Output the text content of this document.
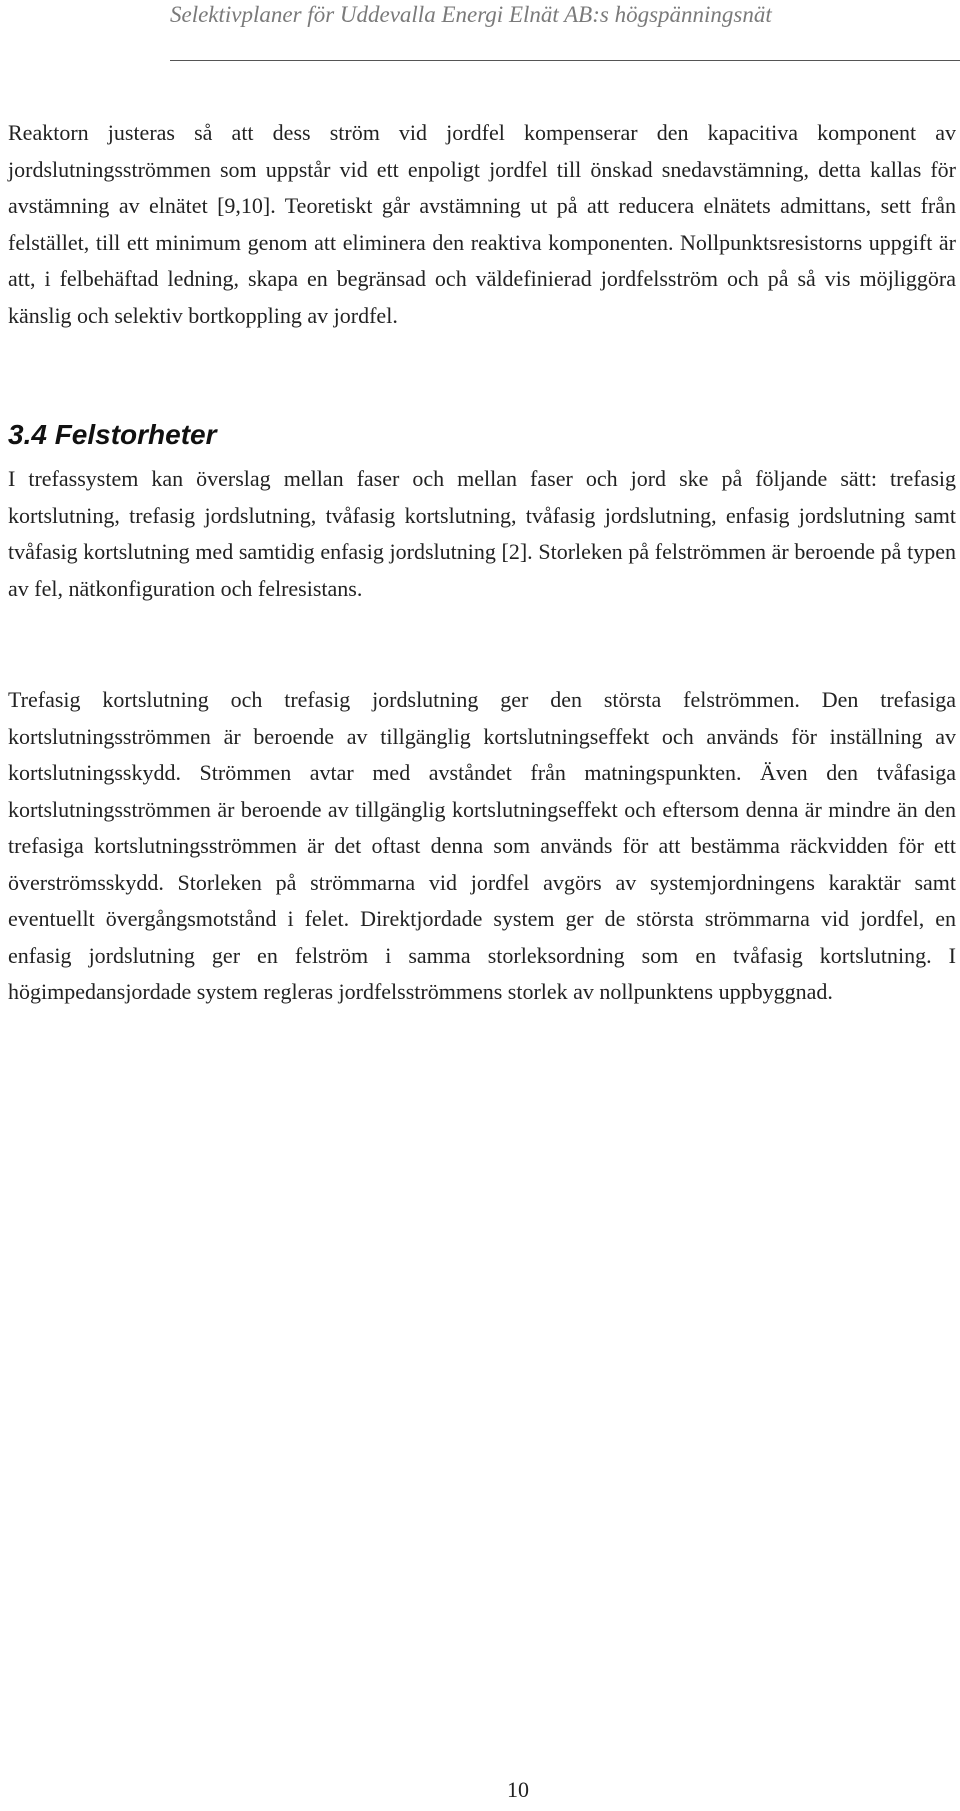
Selektivplaner för Uddevalla Energi Elnät AB:s högspänningsnät

Reaktorn justeras så att dess ström vid jordfel kompenserar den kapacitiva komponent av jordslutningsströmmen som uppstår vid ett enpoligt jordfel till önskad snedavstämning, detta kallas för avstämning av elnätet [9,10]. Teoretiskt går avstämning ut på att reducera elnätets admittans, sett från felstället, till ett minimum genom att eliminera den reaktiva komponenten. Nollpunktsresistorns uppgift är att, i felbehäftad ledning, skapa en begränsad och väldefinierad jordfelsström och på så vis möjliggöra känslig och selektiv bortkoppling av jordfel.

3.4 Felstorheter

I trefassystem kan överslag mellan faser och mellan faser och jord ske på följande sätt: trefasig kortslutning, trefasig jordslutning, tvåfasig kortslutning, tvåfasig jordslutning, enfasig jordslutning samt tvåfasig kortslutning med samtidig enfasig jordslutning [2]. Storleken på felströmmen är beroende på typen av fel, nätkonfiguration och felresistans.

Trefasig kortslutning och trefasig jordslutning ger den största felströmmen. Den trefasiga kortslutningsströmmen är beroende av tillgänglig kortslutningseffekt och används för inställning av kortslutningsskydd. Strömmen avtar med avståndet från matningspunkten. Även den tvåfasiga kortslutningsströmmen är beroende av tillgänglig kortslutningseffekt och eftersom denna är mindre än den trefasiga kortslutningsströmmen är det oftast denna som används för att bestämma räckvidden för ett överströmsskydd. Storleken på strömmarna vid jordfel avgörs av systemjordningens karaktär samt eventuellt övergångsmotstånd i felet. Direktjordade system ger de största strömmarna vid jordfel, en enfasig jordslutning ger en felström i samma storleksordning som en tvåfasig kortslutning. I högimpedansjordade system regleras jordfelsströmmens storlek av nollpunktens uppbyggnad.

10
